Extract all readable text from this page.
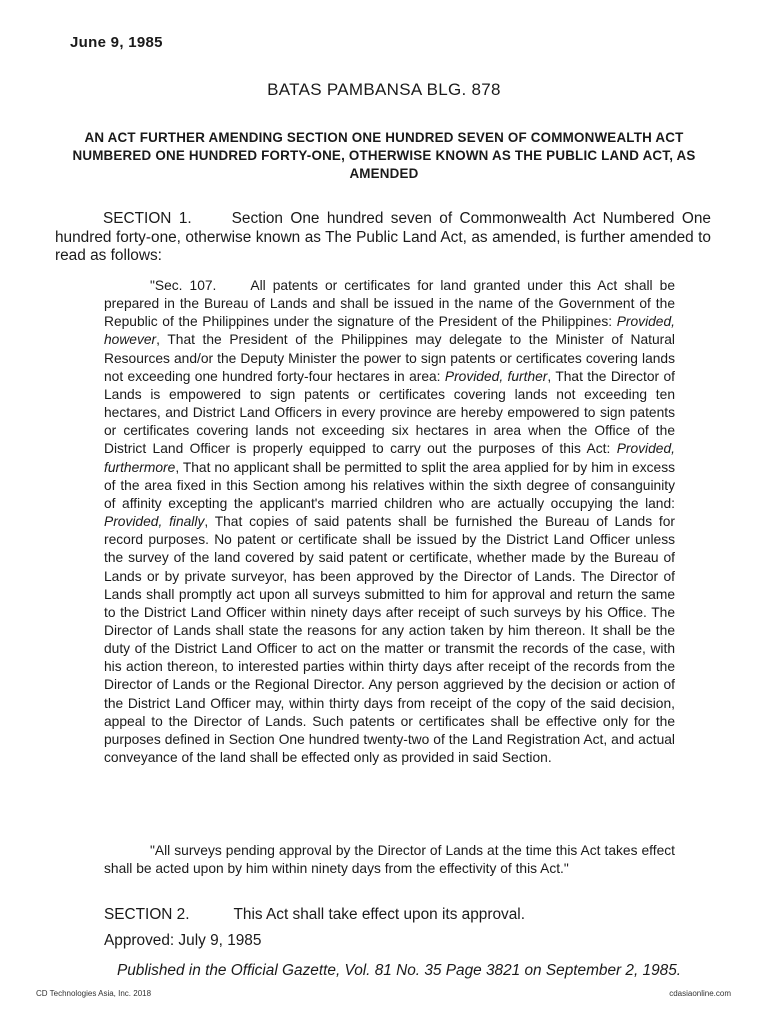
June 9, 1985
BATAS PAMBANSA BLG. 878
AN ACT FURTHER AMENDING SECTION ONE HUNDRED SEVEN OF COMMONWEALTH ACT NUMBERED ONE HUNDRED FORTY-ONE, OTHERWISE KNOWN AS THE PUBLIC LAND ACT, AS AMENDED
SECTION 1.	Section One hundred seven of Commonwealth Act Numbered One hundred forty-one, otherwise known as The Public Land Act, as amended, is further amended to read as follows:
"Sec. 107. All patents or certificates for land granted under this Act shall be prepared in the Bureau of Lands and shall be issued in the name of the Government of the Republic of the Philippines under the signature of the President of the Philippines: Provided, however, That the President of the Philippines may delegate to the Minister of Natural Resources and/or the Deputy Minister the power to sign patents or certificates covering lands not exceeding one hundred forty-four hectares in area: Provided, further, That the Director of Lands is empowered to sign patents or certificates covering lands not exceeding ten hectares, and District Land Officers in every province are hereby empowered to sign patents or certificates covering lands not exceeding six hectares in area when the Office of the District Land Officer is properly equipped to carry out the purposes of this Act: Provided, furthermore, That no applicant shall be permitted to split the area applied for by him in excess of the area fixed in this Section among his relatives within the sixth degree of consanguinity of affinity excepting the applicant's married children who are actually occupying the land: Provided, finally, That copies of said patents shall be furnished the Bureau of Lands for record purposes. No patent or certificate shall be issued by the District Land Officer unless the survey of the land covered by said patent or certificate, whether made by the Bureau of Lands or by private surveyor, has been approved by the Director of Lands. The Director of Lands shall promptly act upon all surveys submitted to him for approval and return the same to the District Land Officer within ninety days after receipt of such surveys by his Office. The Director of Lands shall state the reasons for any action taken by him thereon. It shall be the duty of the District Land Officer to act on the matter or transmit the records of the case, with his action thereon, to interested parties within thirty days after receipt of the records from the Director of Lands or the Regional Director. Any person aggrieved by the decision or action of the District Land Officer may, within thirty days from receipt of the copy of the said decision, appeal to the Director of Lands. Such patents or certificates shall be effective only for the purposes defined in Section One hundred twenty-two of the Land Registration Act, and actual conveyance of the land shall be effected only as provided in said Section.
"All surveys pending approval by the Director of Lands at the time this Act takes effect shall be acted upon by him within ninety days from the effectivity of this Act."
SECTION 2.	This Act shall take effect upon its approval.
Approved: July 9, 1985
Published in the Official Gazette, Vol. 81 No. 35 Page 3821 on September 2, 1985.
CD Technologies Asia, Inc. 2018	cdasiaonline.com
